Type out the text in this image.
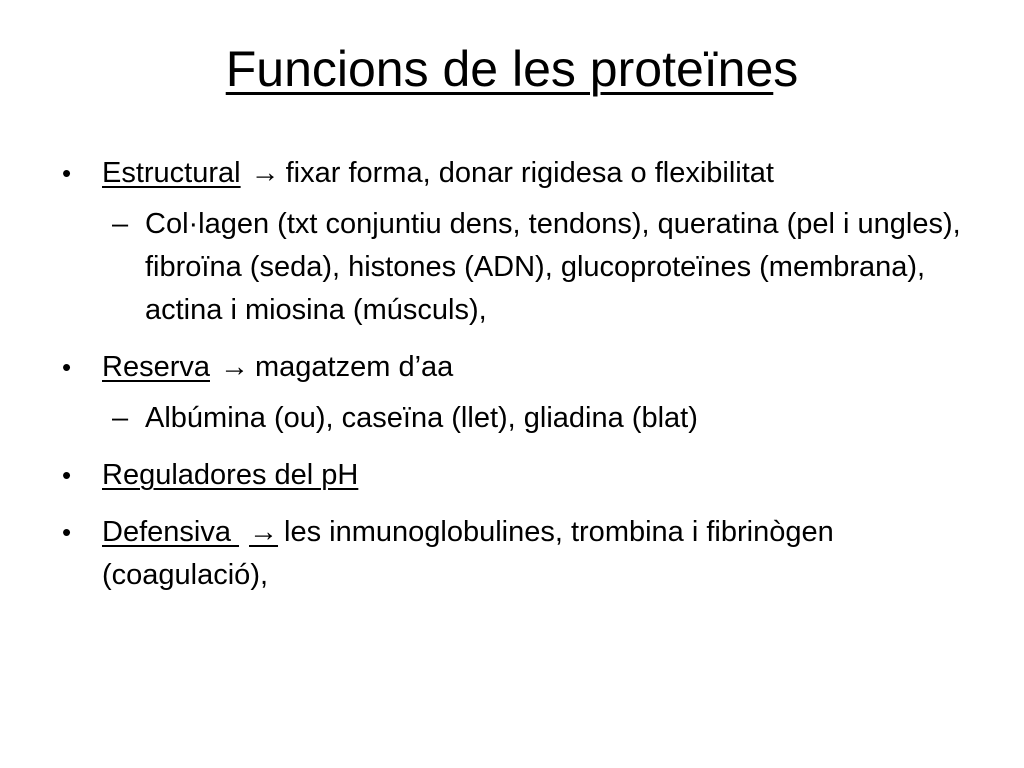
Funcions de les proteïnes
•	Estructural → fixar forma, donar rigidesa o flexibilitat
– Col·lagen (txt conjuntiu dens, tendons), queratina (pel i ungles), fibroïna (seda), histones (ADN), glucoproteïnes (membrana), actina i miosina (músculs),
•	Reserva → magatzem d’aa
– Albúmina (ou), caseïna (llet), gliadina (blat)
•	Reguladores del pH
•	Defensiva → les inmunoglobulines, trombina i fibrinògen (coagulació),
